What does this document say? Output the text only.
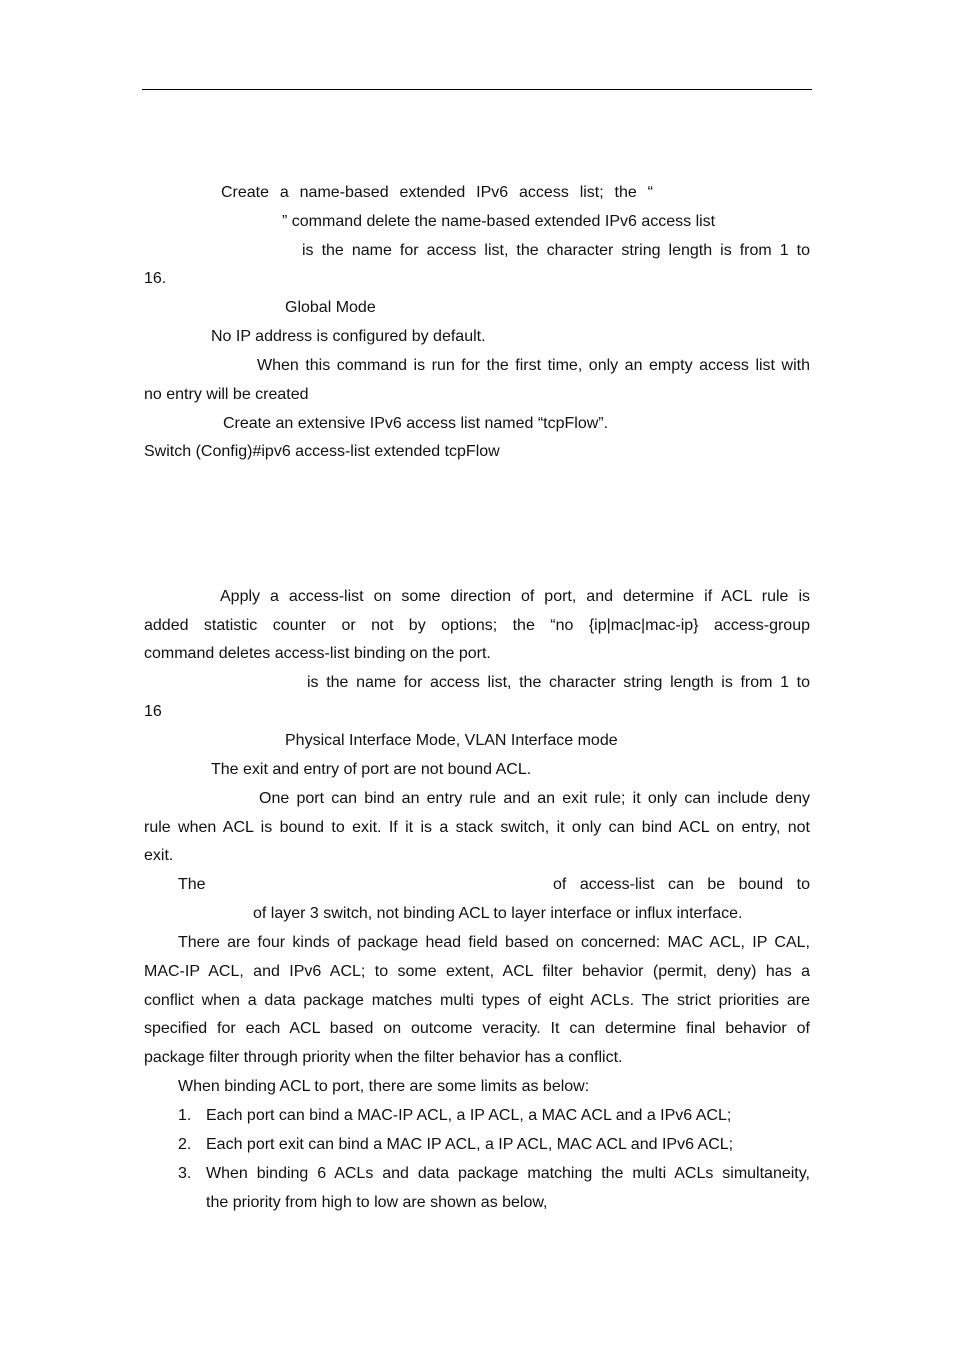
Create a name-based extended IPv6 access list; the “
” command delete the name-based extended IPv6 access list
is the name for access list, the character string length is from 1 to
16.
Global Mode
No IP address is configured by default.
When this command is run for the first time, only an empty access list with
no entry will be created
Create an extensive IPv6 access list named “tcpFlow”.
Switch (Config)#ipv6 access-list extended tcpFlow
Apply a access-list on some direction of port, and determine if ACL rule is
added statistic counter or not by options; the “no {ip|mac|mac-ip} access-group
command deletes access-list binding on the port.
is the name for access list, the character string length is from 1 to
16
Physical Interface Mode, VLAN Interface mode
The exit and entry of port are not bound ACL.
One port can bind an entry rule and an exit rule; it only can include deny
rule when ACL is bound to exit. If it is a stack switch, it only can bind ACL on entry, not
exit.
The	of access-list can be bound to
of layer 3 switch, not binding ACL to layer interface or influx interface.
There are four kinds of package head field based on concerned: MAC ACL, IP CAL,
MAC-IP ACL, and IPv6 ACL; to some extent, ACL filter behavior (permit, deny) has a
conflict when a data package matches multi types of eight ACLs. The strict priorities are
specified for each ACL based on outcome veracity. It can determine final behavior of
package filter through priority when the filter behavior has a conflict.
When binding ACL to port, there are some limits as below:
1. Each port can bind a MAC-IP ACL, a IP ACL, a MAC ACL and a IPv6 ACL;
2. Each port exit can bind a MAC IP ACL, a IP ACL, MAC ACL and IPv6 ACL;
3. When binding 6 ACLs and data package matching the multi ACLs simultaneity,
the priority from high to low are shown as below,
